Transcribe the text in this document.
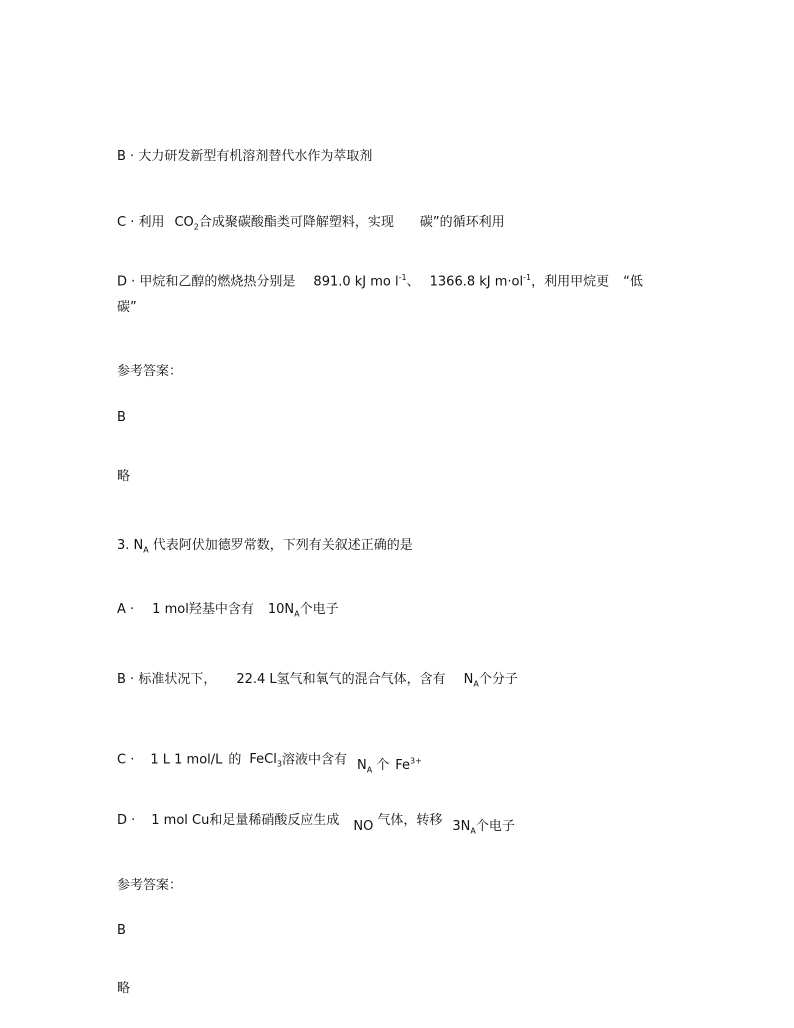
B · 大力研发新型有机溶剂替代水作为萃取剂
C · 利用 $CO_2$合成聚碳酸酯类可降解塑料，实现 碳”的循环利用
D · 甲烷和乙醇的燃烧热分别是 891.0 kJ mo $l^{-1}$、 1366.8 kJ $m\cdot ol^{-1}$，利用甲烷更 “低
碳”
参考答案：
B
略
3. $N_A$ 代表阿伏加德罗常数，下列有关叙述正确的是
A · 1 mol羟基中含有 $10N_A$个电子
B · 标准状况下， 22.4 L氢气和氧气的混合气体，含有 $N_A$个分子
C · 1 L 1 mol/L 的 FeCl$_3$溶液中含有 $N_A$ 个 $Fe^{3+}$
D · 1 mol Cu和足量稀硝酸反应生成 NO 气体，转移 $3N_A$个电子
参考答案：
B
略
